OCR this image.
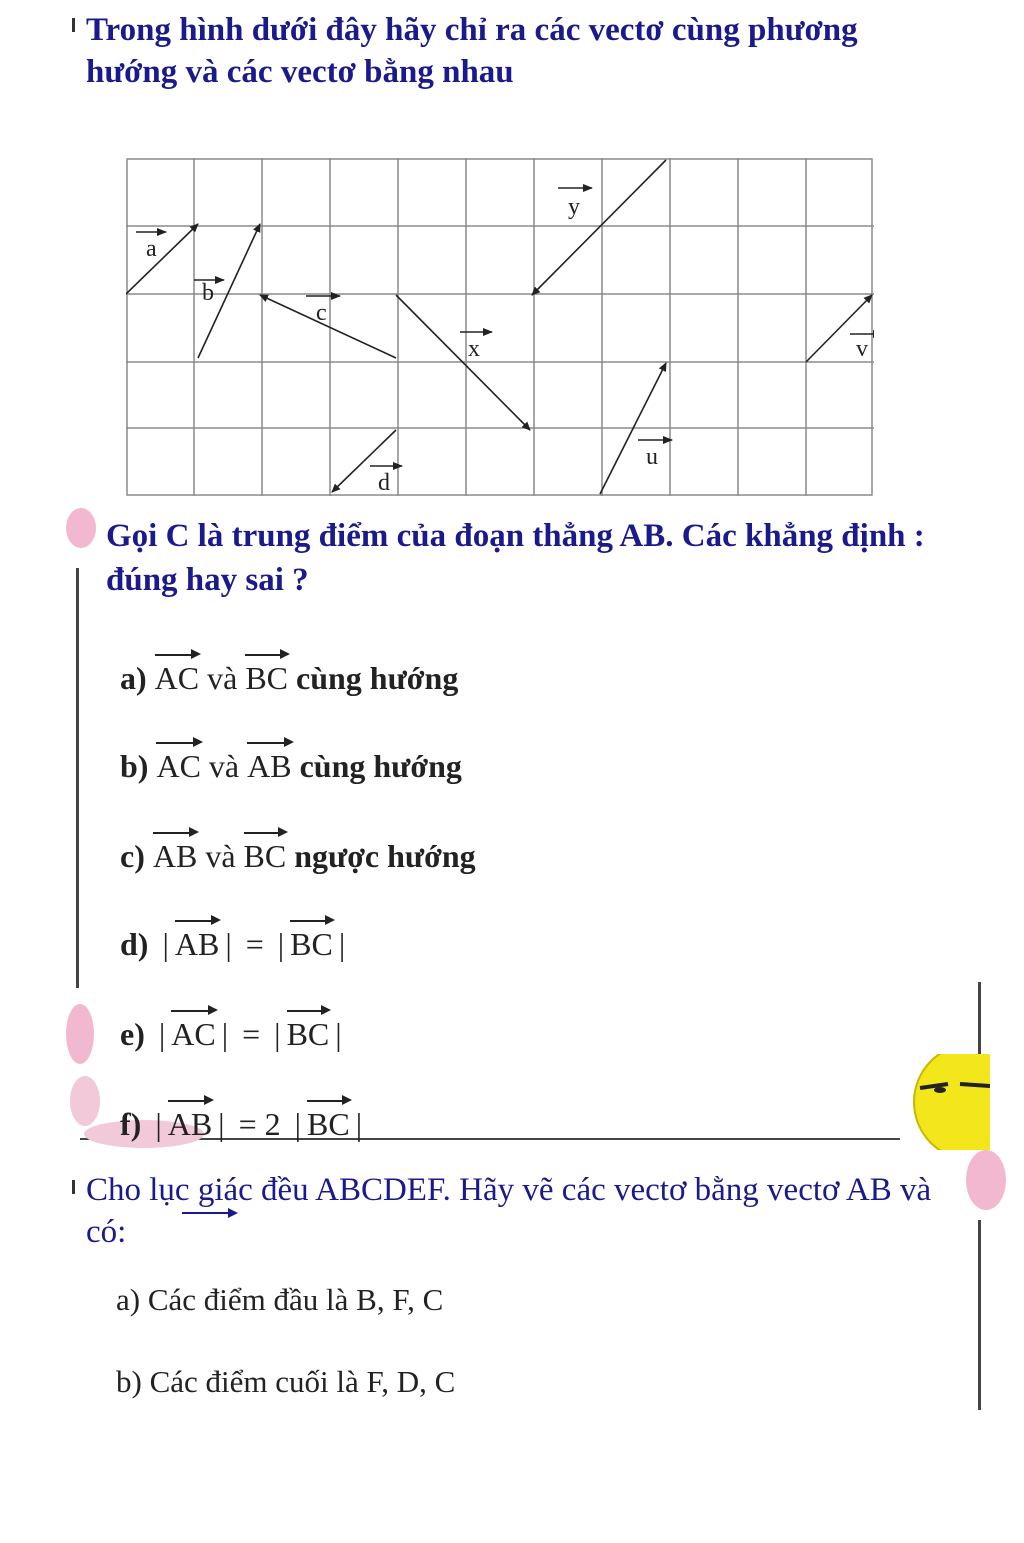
Trong hình dưới đây hãy chỉ ra các vectơ cùng phương
hướng và các vectơ bằng nhau
a
b
c
x
y
v
d
u
Gọi C là trung điểm của đoạn thẳng AB. Các khẳng định :
đúng hay sai ?
a) AC và BC cùng hướng
b) AC và AB cùng hướng
c) AB và BC ngược hướng
d) | AB | = | BC |
e) | AC | = | BC |
f) | AB | = 2 | BC |
Cho lục giác đều ABCDEF. Hãy vẽ các vectơ bằng vectơ AB và
có:
a) Các điểm đầu là B, F, C
b) Các điểm cuối là F, D, C
